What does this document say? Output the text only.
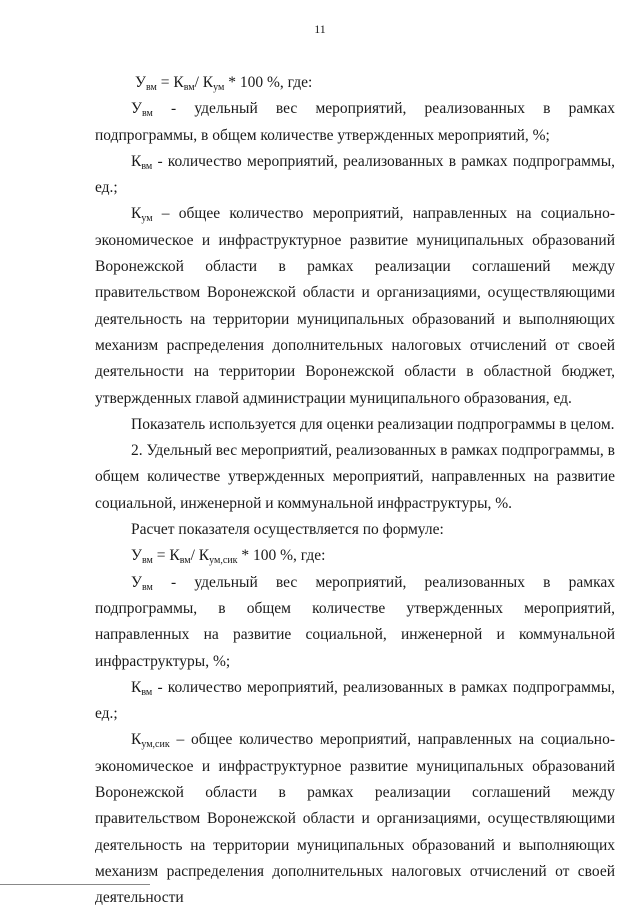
11

$У_{вм} = К_{вм}/$ $К_{ум} * 100$ %, где:

$У_{вм}$ - удельный вес мероприятий, реализованных в рамках подпрограммы, в общем количестве утвержденных мероприятий, %;

$К_{вм}$ - количество мероприятий, реализованных в рамках подпрограммы, ед.;

$К_{ум}$ – общее количество мероприятий, направленных на социально-экономическое и инфраструктурное развитие муниципальных образований Воронежской области в рамках реализации соглашений между правительством Воронежской области и организациями, осуществляющими деятельность на территории муниципальных образований и выполняющих механизм распределения дополнительных налоговых отчислений от своей деятельности на территории Воронежской области в областной бюджет, утвержденных главой администрации муниципального образования, ед.

Показатель используется для оценки реализации подпрограммы в целом.

2. Удельный вес мероприятий, реализованных в рамках подпрограммы, в общем количестве утвержденных мероприятий, направленных на развитие социальной, инженерной и коммунальной инфраструктуры, %.

Расчет показателя осуществляется по формуле:

$У_{вм} = К_{вм}/$ $К_{ум,сик} * 100$ %, где:

$У_{вм}$ - удельный вес мероприятий, реализованных в рамках подпрограммы, в общем количестве утвержденных мероприятий, направленных на развитие социальной, инженерной и коммунальной инфраструктуры, %;

$К_{вм}$ - количество мероприятий, реализованных в рамках подпрограммы, ед.;

$К_{ум,сик}$ – общее количество мероприятий, направленных на социально-экономическое и инфраструктурное развитие муниципальных образований Воронежской области в рамках реализации соглашений между правительством Воронежской области и организациями, осуществляющими деятельность на территории муниципальных образований и выполняющих механизм распределения дополнительных налоговых отчислений от своей деятельности
